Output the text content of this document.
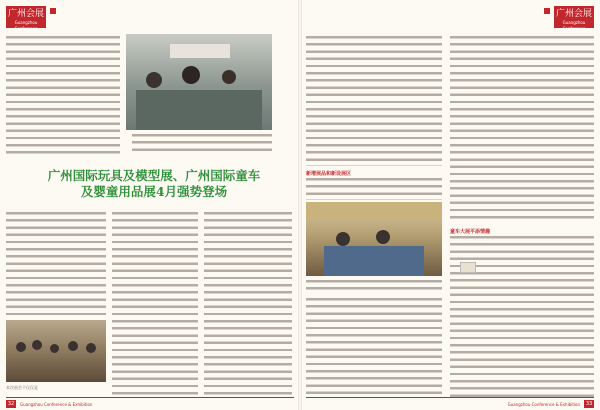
广州会展
Guangzhou Conference
广州国际玩具及模型展、广州国际童车及婴童用品展4月强势登场
本次展会不仅仅是
32	Guangzhou Conference & Exhibition
广州会展
Guangzhou Conference
新增展品和新设展区
童车大展平添情趣
Guangzhou Conference & Exhibition	33
